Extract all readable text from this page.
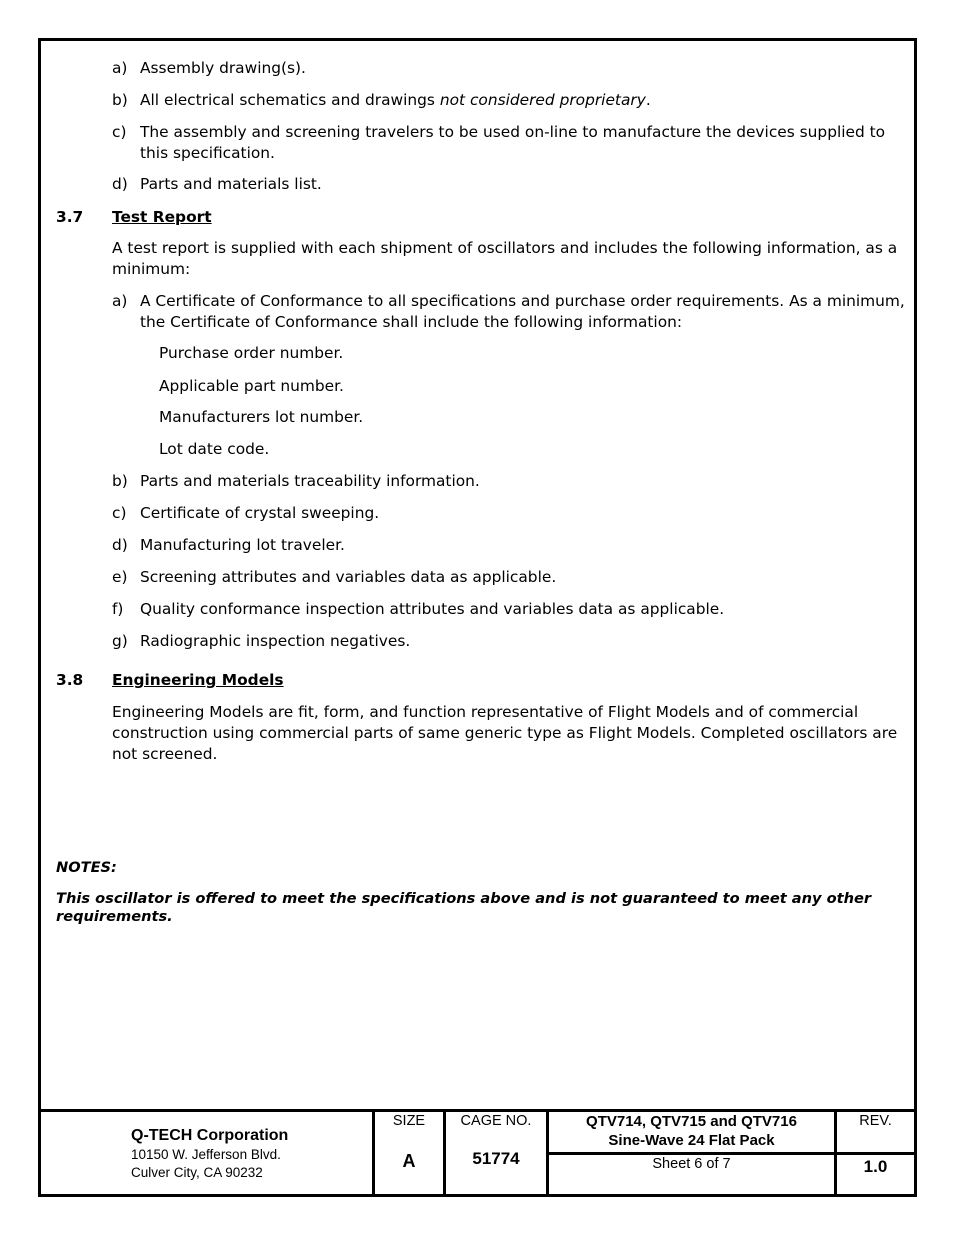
a) Assembly drawing(s).
b) All electrical schematics and drawings not considered proprietary.
c) The assembly and screening travelers to be used on-line to manufacture the devices supplied to
this specification.
d) Parts and materials list.
3.7 Test Report
A test report is supplied with each shipment of oscillators and includes the following information, as a
minimum:
a) A Certificate of Conformance to all specifications and purchase order requirements. As a minimum,
the Certificate of Conformance shall include the following information:
Purchase order number.
Applicable part number.
Manufacturers lot number.
Lot date code.
b) Parts and materials traceability information.
c) Certificate of crystal sweeping.
d) Manufacturing lot traveler.
e) Screening attributes and variables data as applicable.
f) Quality conformance inspection attributes and variables data as applicable.
g) Radiographic inspection negatives.
3.8 Engineering Models
Engineering Models are fit, form, and function representative of Flight Models and of commercial
construction using commercial parts of same generic type as Flight Models. Completed oscillators are
not screened.
NOTES:
This oscillator is offered to meet the specifications above and is not guaranteed to meet any other
requirements.
Q-TECH Corporation
10150 W. Jefferson Blvd.
Culver City, CA 90232
SIZE
A
CAGE NO.
51774
QTV714, QTV715 and QTV716
Sine-Wave 24 Flat Pack
Sheet 6 of 7
REV.
1.0
